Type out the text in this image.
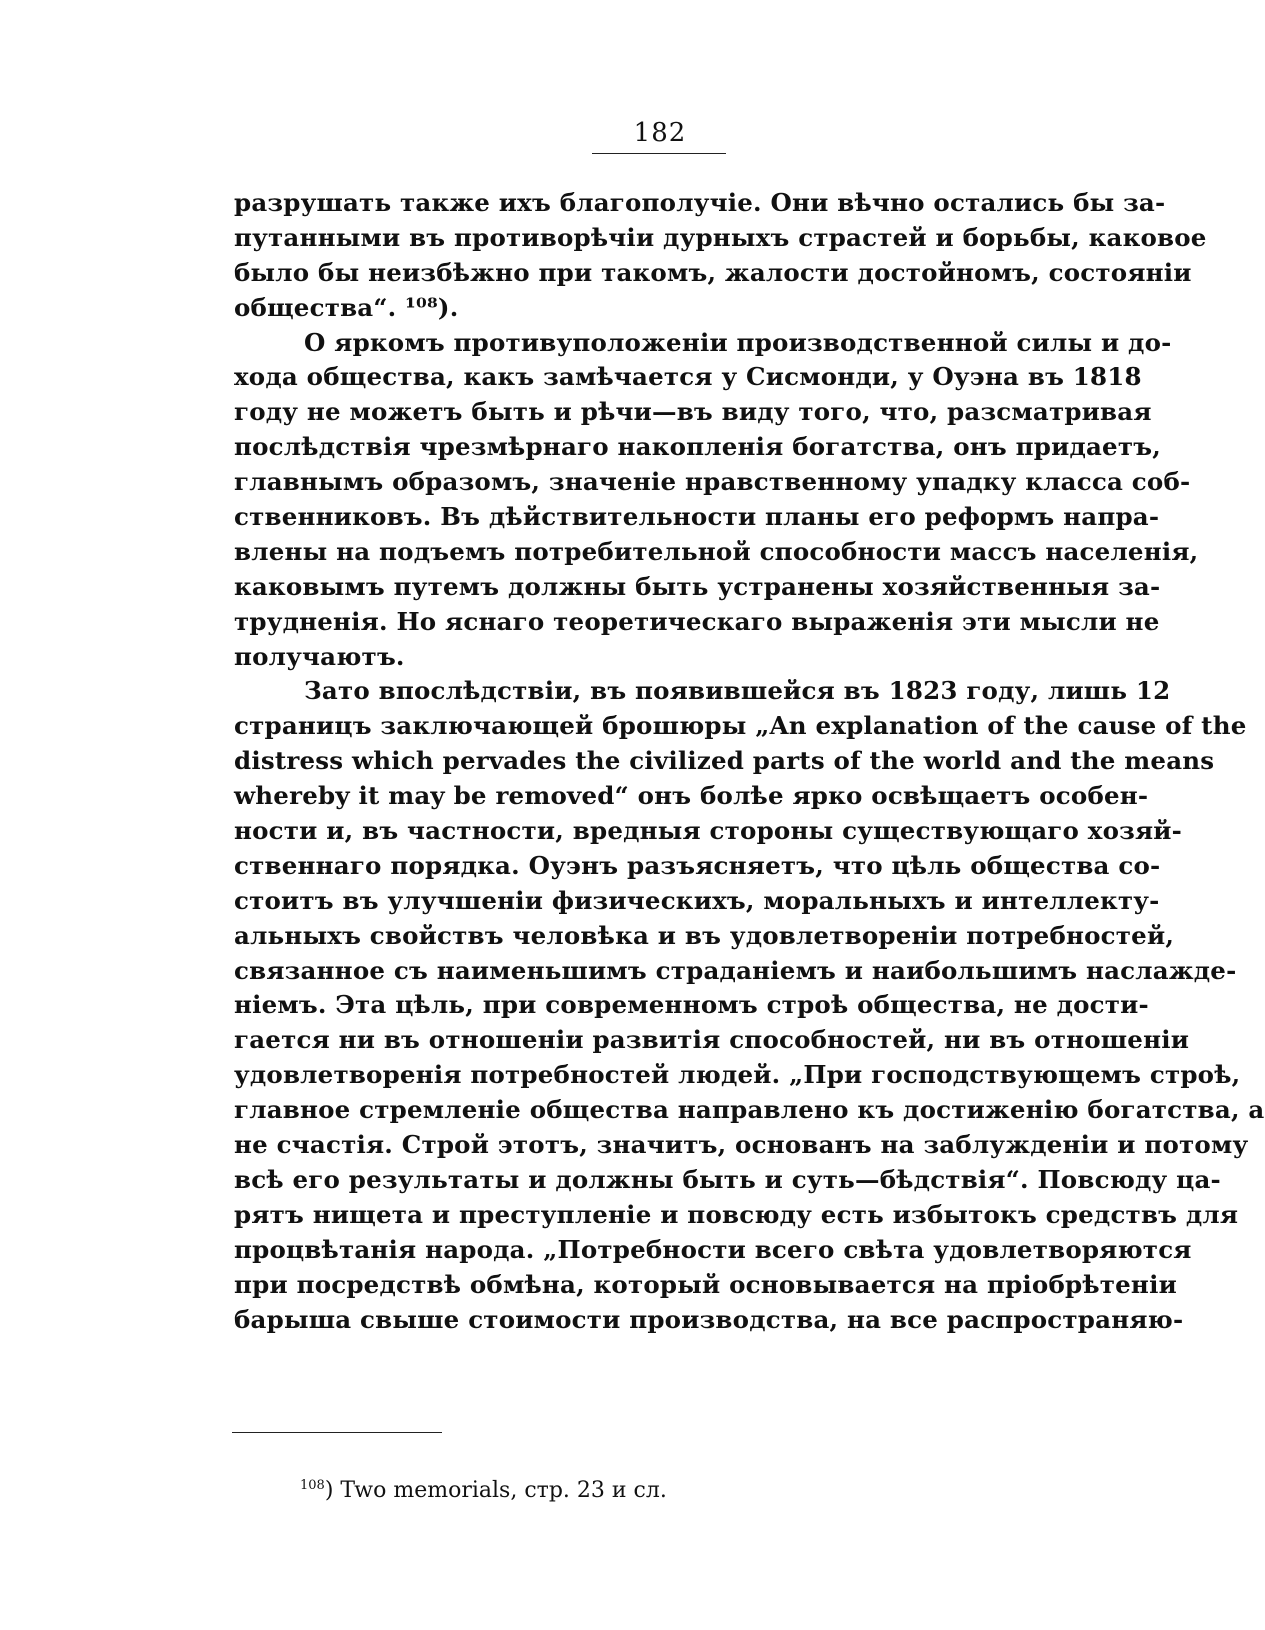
182
разрушать также ихъ благополучіе. Они вѣчно остались бы за-
путанными въ противорѣчіи дурныхъ страстей и борьбы, каковое
было бы неизбѣжно при такомъ, жалости достойномъ, состояніи
общества“. ¹⁰⁸).
О яркомъ противуположеніи производственной силы и до-
хода общества, какъ замѣчается у Сисмонди, у Оуэна въ 1818
году не можетъ быть и рѣчи—въ виду того, что, разсматривая
послѣдствія чрезмѣрнаго накопленія богатства, онъ придаетъ,
главнымъ образомъ, значеніе нравственному упадку класса соб-
ственниковъ. Въ дѣйствительности планы его реформъ напра-
влены на подъемъ потребительной способности массъ населенія,
каковымъ путемъ должны быть устранены хозяйственныя за-
трудненія. Но яснаго теоретическаго выраженія эти мысли не
получаютъ.
Зато впослѣдствіи, въ появившейся въ 1823 году, лишь 12
страницъ заключающей брошюры „An explanation of the cause of the
distress which pervades the civilized parts of the world and the means
whereby it may be removed“ онъ болѣе ярко освѣщаетъ особен-
ности и, въ частности, вредныя стороны существующаго хозяй-
ственнаго порядка. Оуэнъ разъясняетъ, что цѣль общества со-
стоитъ въ улучшеніи физическихъ, моральныхъ и интеллекту-
альныхъ свойствъ человѣка и въ удовлетвореніи потребностей,
связанное съ наименьшимъ страданіемъ и наибольшимъ наслажде-
ніемъ. Эта цѣль, при современномъ строѣ общества, не дости-
гается ни въ отношеніи развитія способностей, ни въ отношеніи
удовлетворенія потребностей людей. „При господствующемъ строѣ,
главное стремленіе общества направлено къ достиженію богатства, а
не счастія. Строй этотъ, значитъ, основанъ на заблужденіи и потому
всѣ его результаты и должны быть и суть—бѣдствія“. Повсюду ца-
рятъ нищета и преступленіе и повсюду есть избытокъ средствъ для
процвѣтанія народа. „Потребности всего свѣта удовлетворяются
при посредствѣ обмѣна, который основывается на пріобрѣтеніи
барыша свыше стоимости производства, на все распространяю-
$^{108}$) Two memorials, стр. 23 и сл.
